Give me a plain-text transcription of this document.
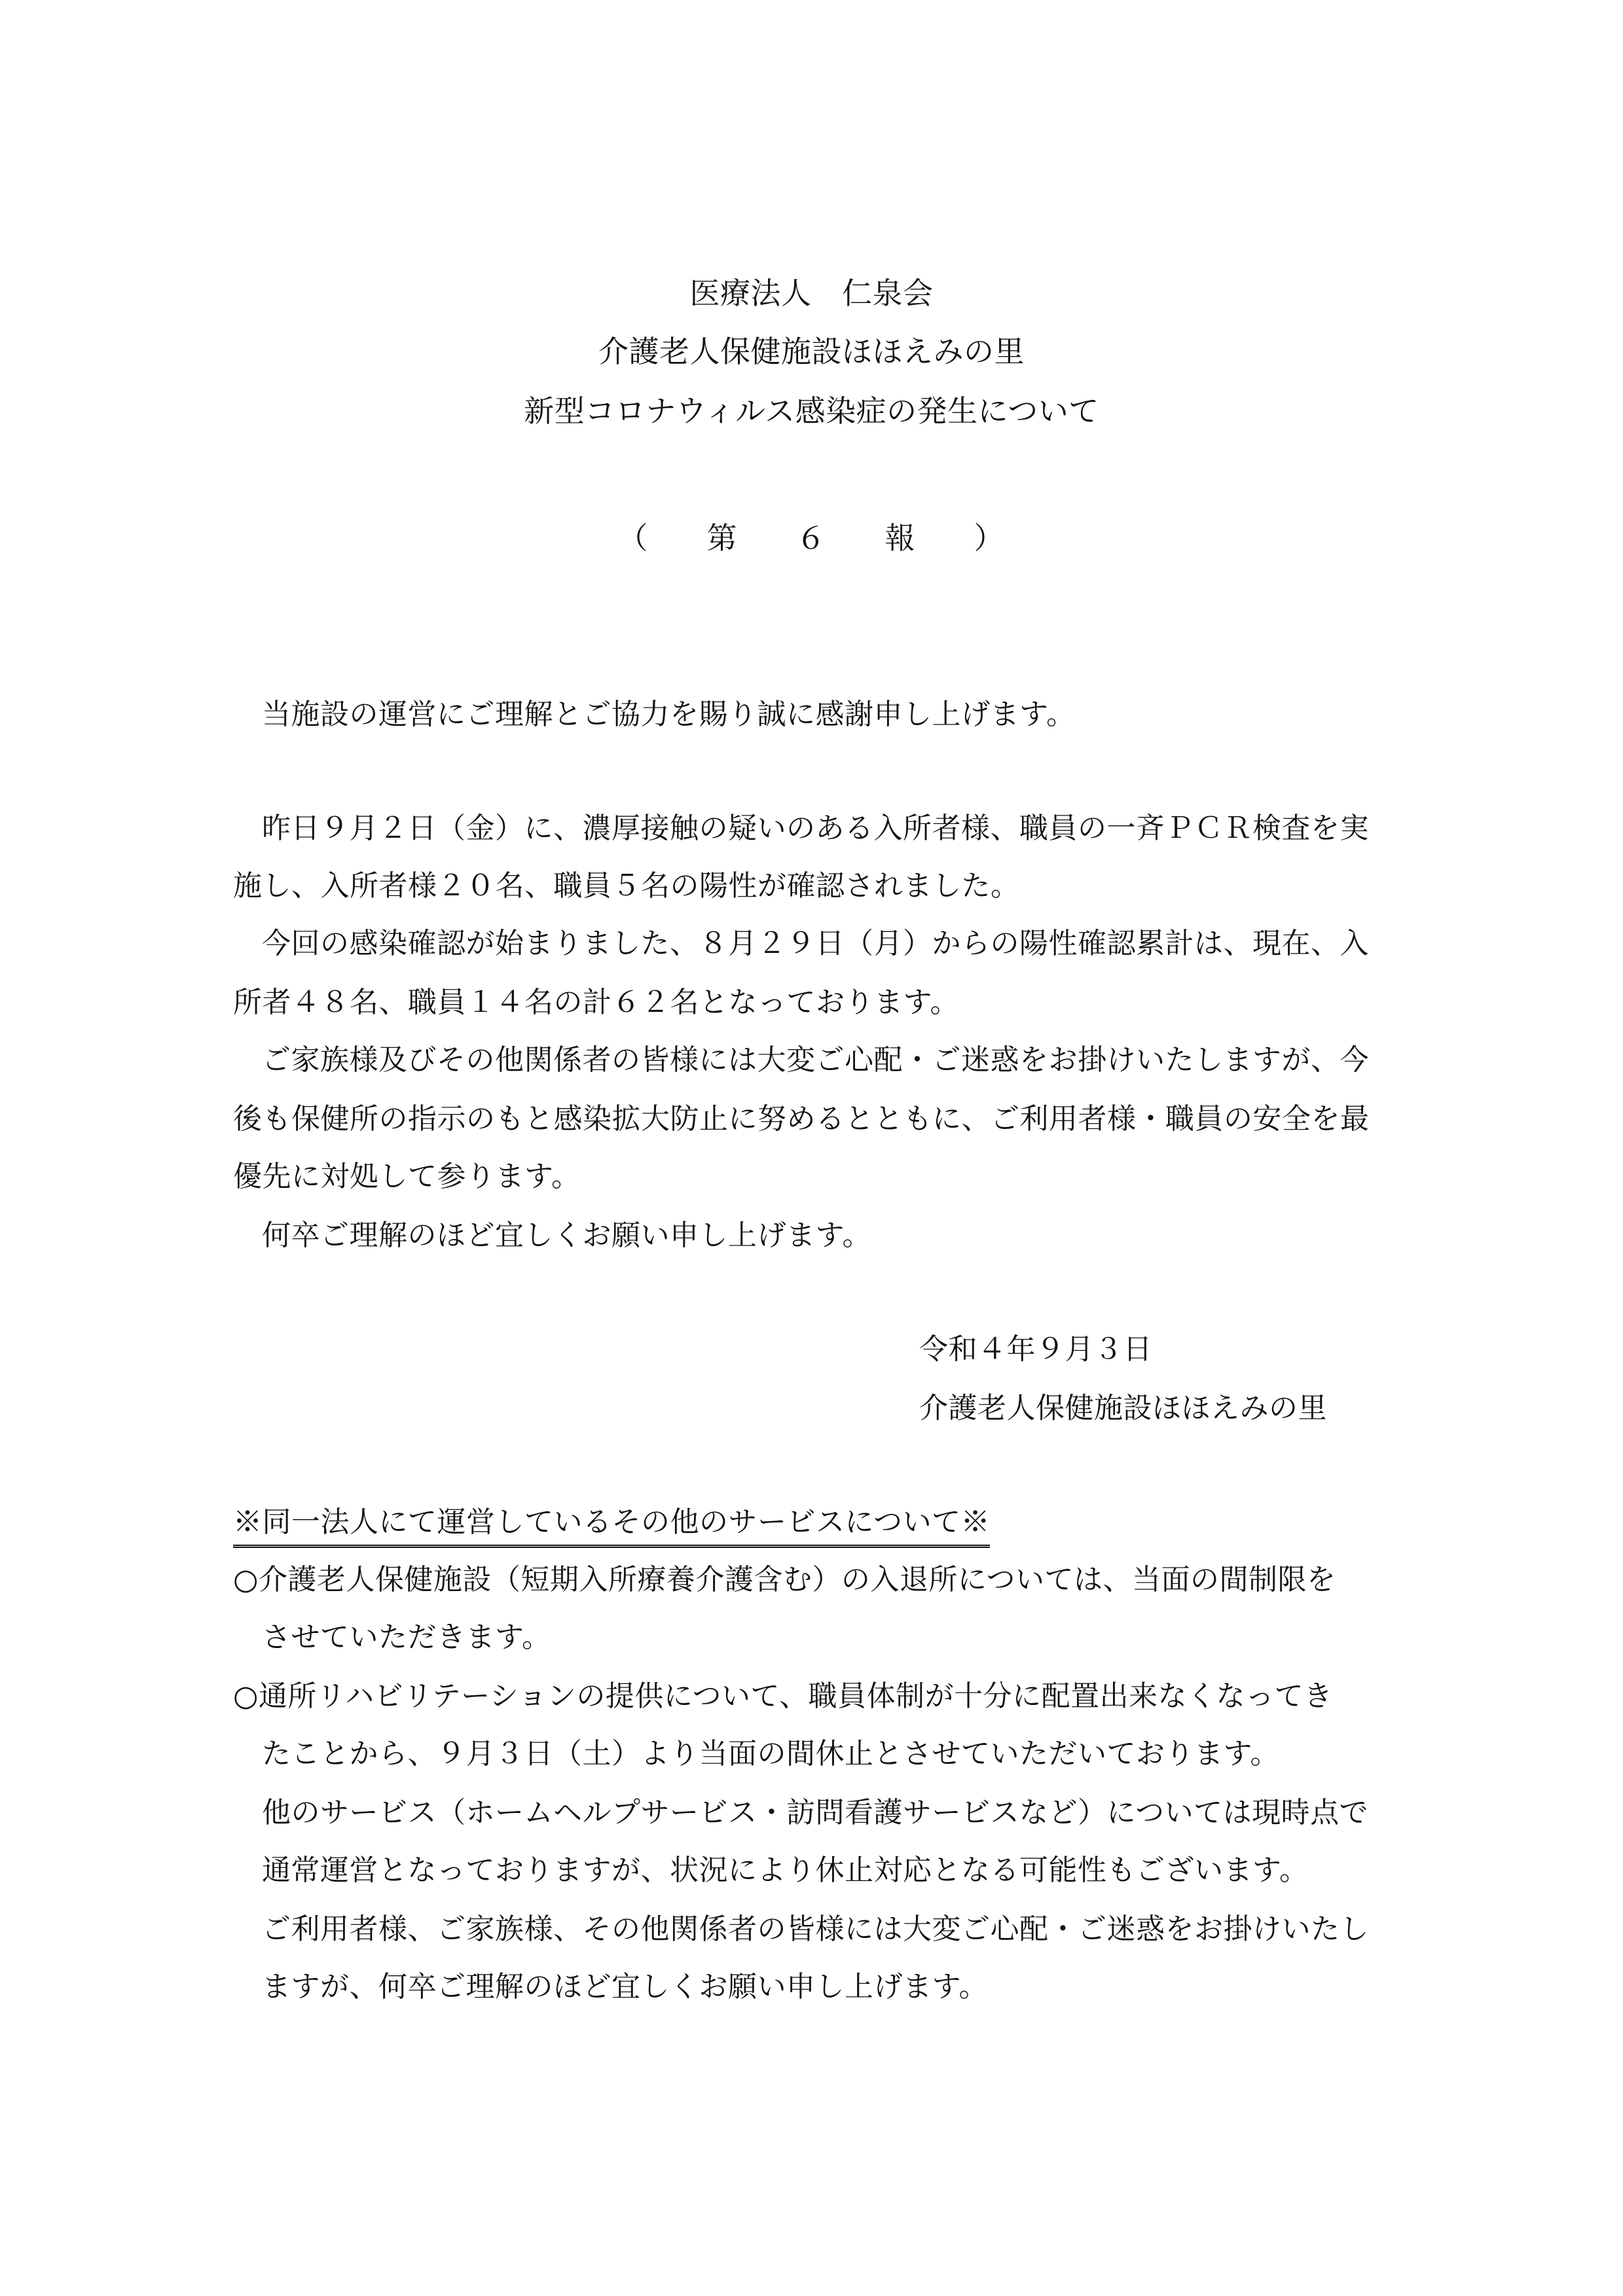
医療法人　仁泉会
介護老人保健施設ほほえみの里
新型コロナウィルス感染症の発生について
（ 第 ６ 報 ）
当施設の運営にご理解とご協力を賜り誠に感謝申し上げます。
昨日９月２日（金）に、濃厚接触の疑いのある入所者様、職員の一斉ＰＣＲ検査を実
施し、入所者様２０名、職員５名の陽性が確認されました。
今回の感染確認が始まりました、８月２９日（月）からの陽性確認累計は、現在、入
所者４８名、職員１４名の計６２名となっております。
ご家族様及びその他関係者の皆様には大変ご心配・ご迷惑をお掛けいたしますが、今
後も保健所の指示のもと感染拡大防止に努めるとともに、ご利用者様・職員の安全を最
優先に対処して参ります。
何卒ご理解のほど宜しくお願い申し上げます。
令和４年９月３日
介護老人保健施設ほほえみの里
※同一法人にて運営しているその他のサービスについて※
○介護老人保健施設（短期入所療養介護含む）の入退所については、当面の間制限を
させていただきます。
○通所リハビリテーションの提供について、職員体制が十分に配置出来なくなってき
たことから、９月３日（土）より当面の間休止とさせていただいております。
他のサービス（ホームヘルプサービス・訪問看護サービスなど）については現時点で
通常運営となっておりますが、状況により休止対応となる可能性もございます。
ご利用者様、ご家族様、その他関係者の皆様には大変ご心配・ご迷惑をお掛けいたし
ますが、何卒ご理解のほど宜しくお願い申し上げます。
